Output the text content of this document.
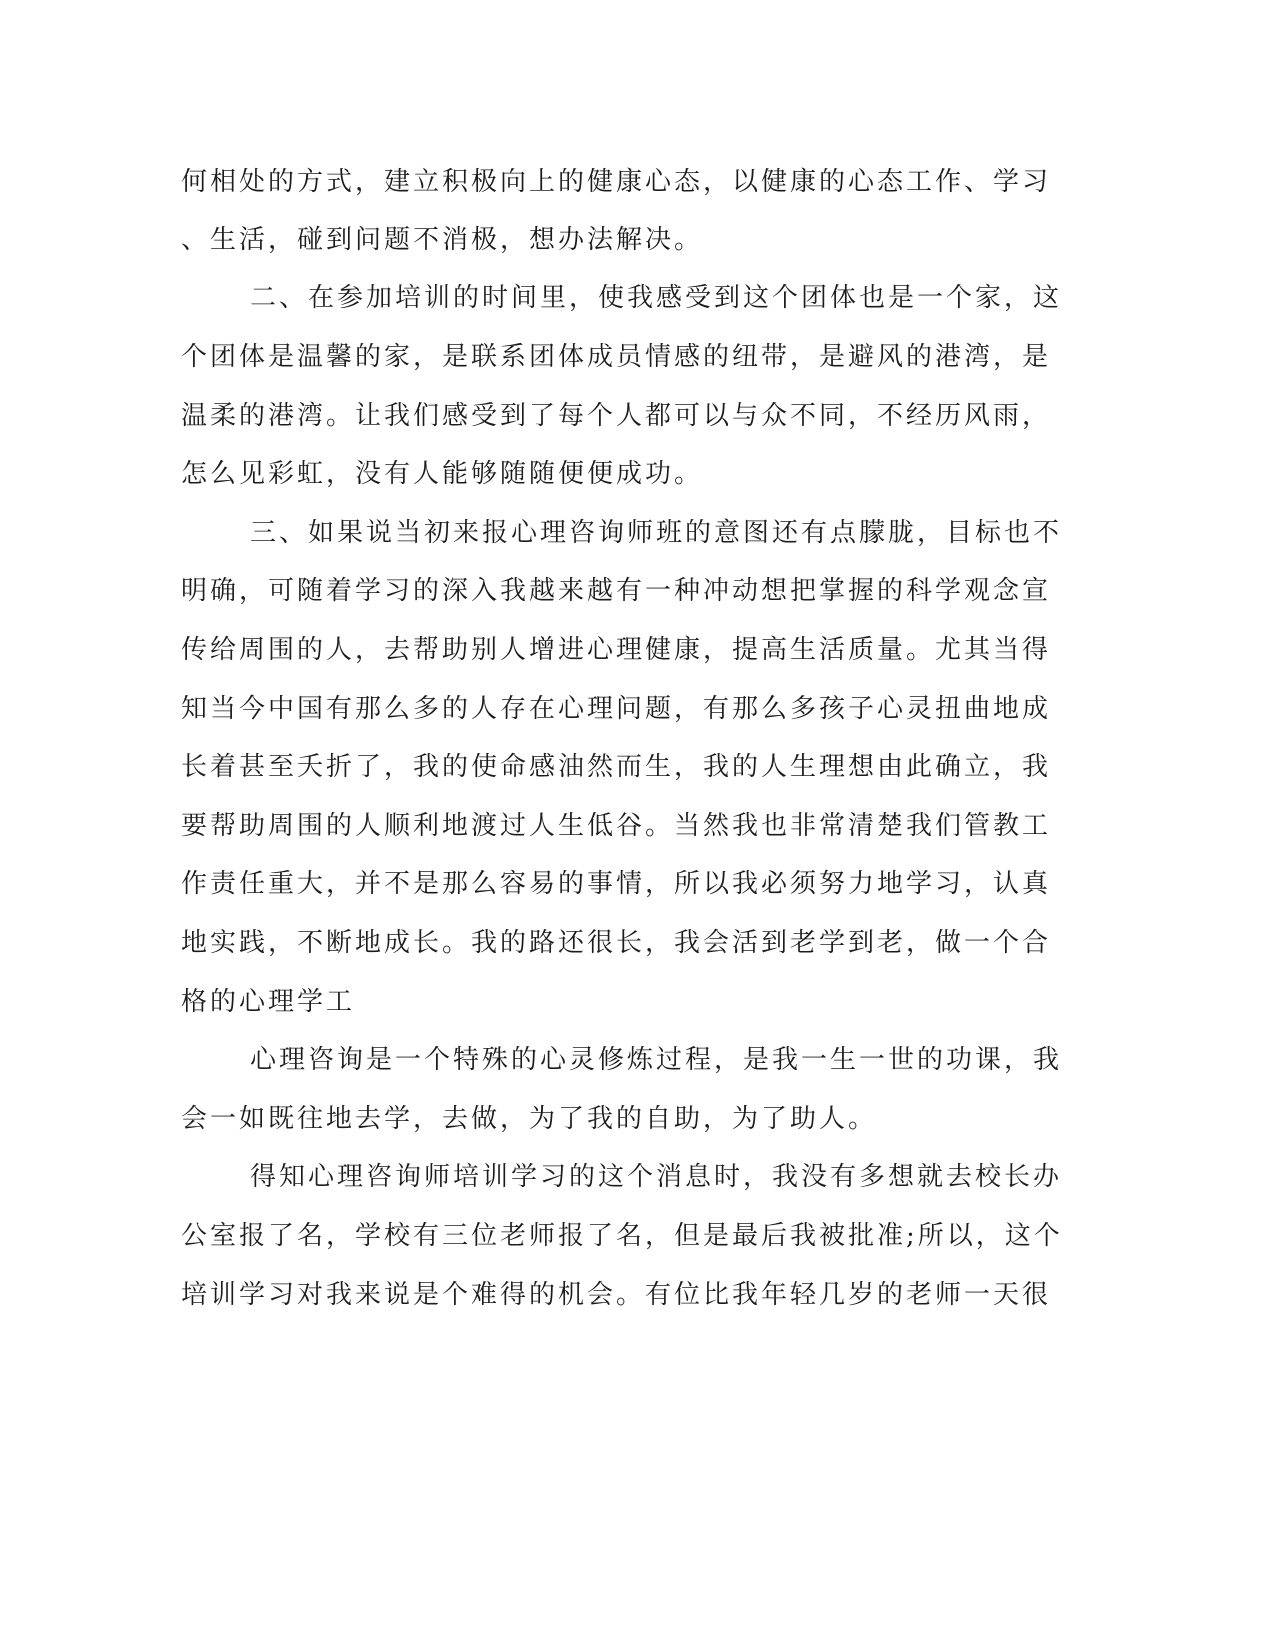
何相处的方式，建立积极向上的健康心态，以健康的心态工作、学习

、生活，碰到问题不消极，想办法解决。

二、在参加培训的时间里，使我感受到这个团体也是一个家，这

个团体是温馨的家，是联系团体成员情感的纽带，是避风的港湾，是

温柔的港湾。让我们感受到了每个人都可以与众不同，不经历风雨，

怎么见彩虹，没有人能够随随便便成功。

三、如果说当初来报心理咨询师班的意图还有点朦胧，目标也不

明确，可随着学习的深入我越来越有一种冲动想把掌握的科学观念宣

传给周围的人，去帮助别人增进心理健康，提高生活质量。尤其当得

知当今中国有那么多的人存在心理问题，有那么多孩子心灵扭曲地成

长着甚至夭折了，我的使命感油然而生，我的人生理想由此确立，我

要帮助周围的人顺利地渡过人生低谷。当然我也非常清楚我们管教工

作责任重大，并不是那么容易的事情，所以我必须努力地学习，认真

地实践，不断地成长。我的路还很长，我会活到老学到老，做一个合

格的心理学工

心理咨询是一个特殊的心灵修炼过程，是我一生一世的功课，我

会一如既往地去学，去做，为了我的自助，为了助人。

得知心理咨询师培训学习的这个消息时，我没有多想就去校长办

公室报了名，学校有三位老师报了名，但是最后我被批准;所以，这个

培训学习对我来说是个难得的机会。有位比我年轻几岁的老师一天很
